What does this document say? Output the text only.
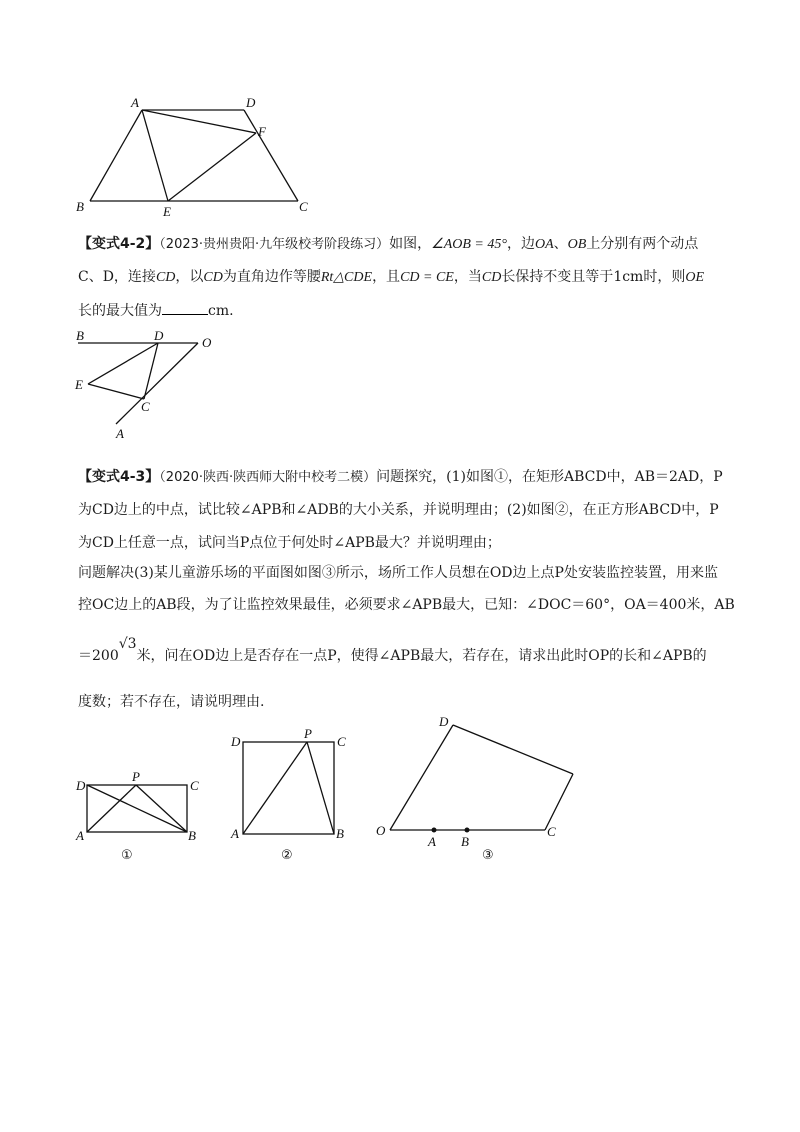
A	D
F
B	E	C
B	D	O
E
C
A
D
P
C
A	B
①
D
P
C
A	B
②
D
O
A B
C
③
【变式4-2】（2023·贵州贵阳·九年级校考阶段练习）如图，∠AOB = 45°，边OA、OB上分别有两个动点
C、D，连接CD，以CD为直角边作等腰Rt△CDE，且CD = CE，当CD长保持不变且等于1cm时，则OE
长的最大值为	cm.
【变式4-3】（2020·陕西·陕西师大附中校考二模）问题探究，(1)如图①，在矩形ABCD中，AB＝2AD，P
为CD边上的中点，试比较∠APB和∠ADB的大小关系，并说明理由；(2)如图②，在正方形ABCD中，P
为CD上任意一点，试问当P点位于何处时∠APB最大？并说明理由；
问题解决(3)某儿童游乐场的平面图如图③所示，场所工作人员想在OD边上点P处安装监控装置，用来监
控OC边上的AB段，为了让监控效果最佳，必须要求∠APB最大，已知：∠DOC＝60°，OA＝400米，AB
＝200√3米，问在OD边上是否存在一点P，使得∠APB最大，若存在，请求出此时OP的长和∠APB的
度数；若不存在，请说明理由.
